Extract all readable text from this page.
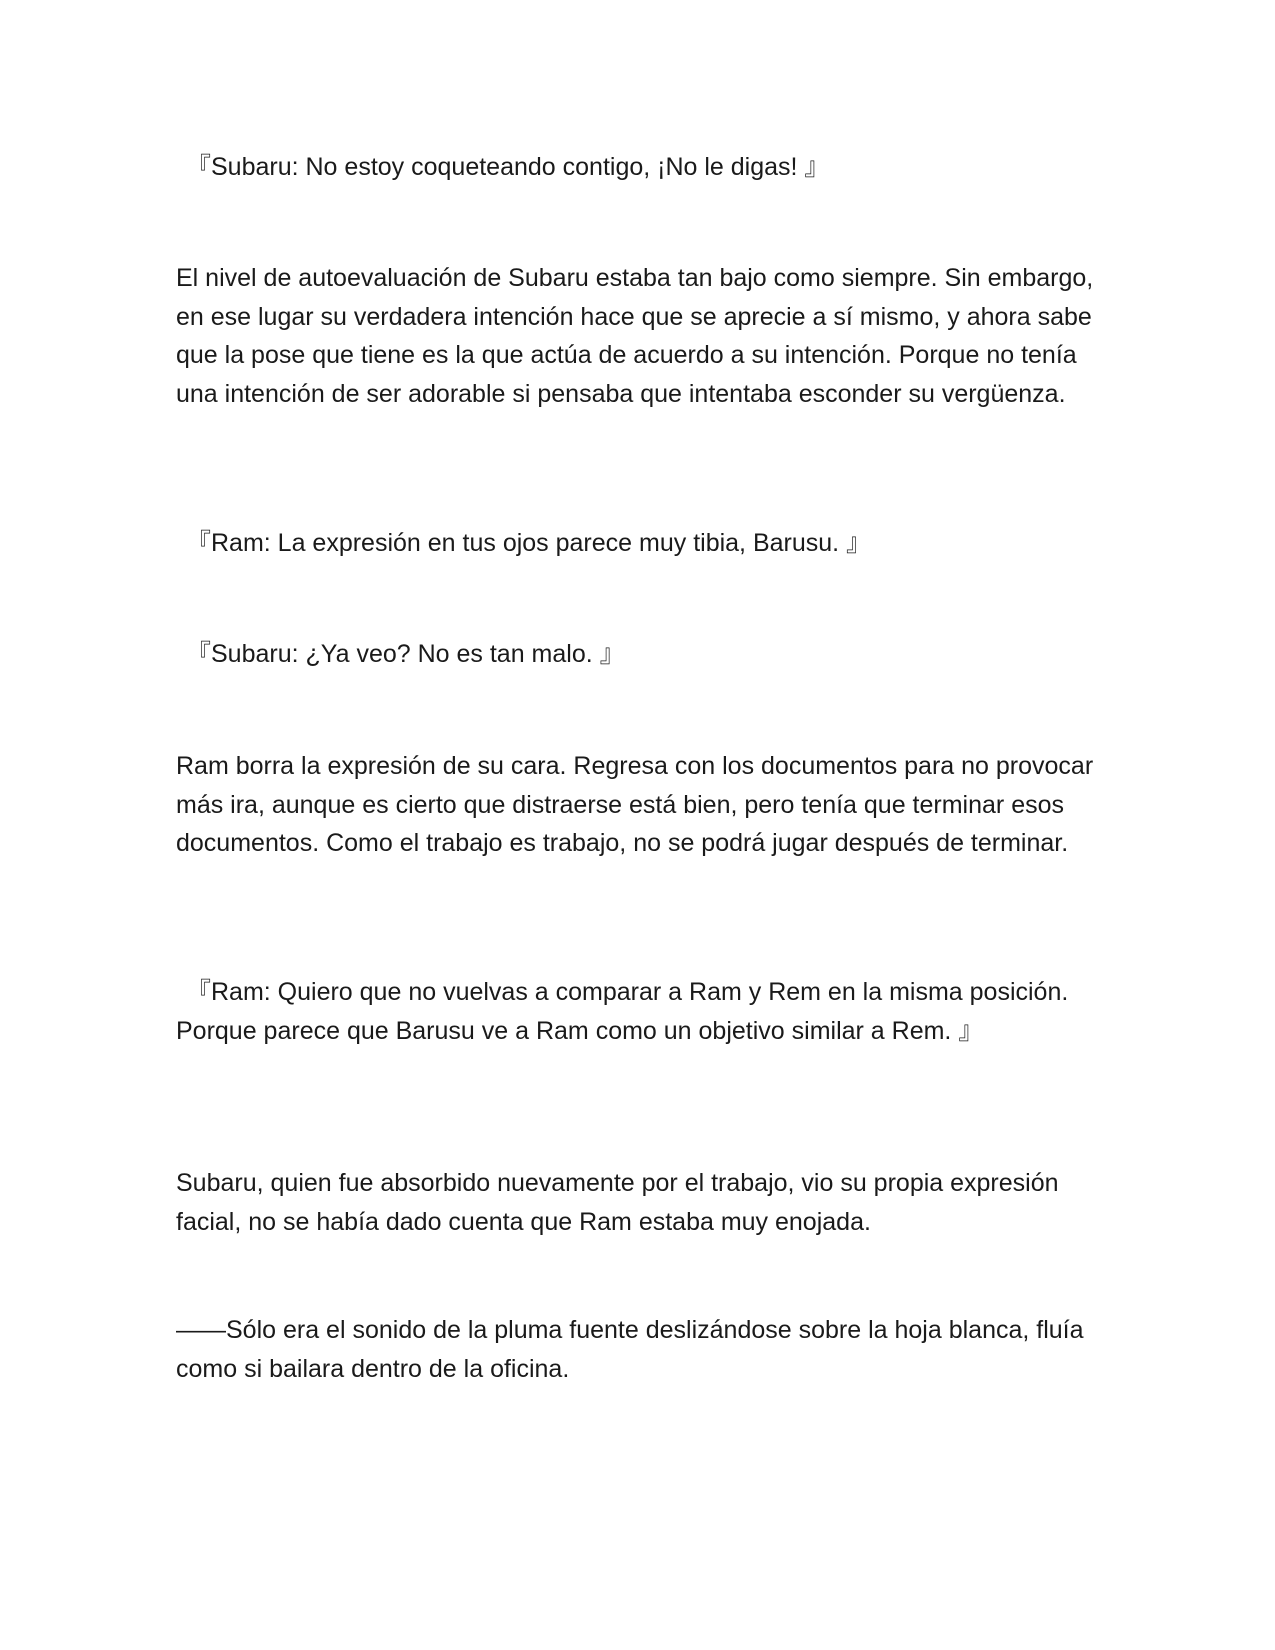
『Subaru: No estoy coqueteando contigo, ¡No le digas! 』

El nivel de autoevaluación de Subaru estaba tan bajo como siempre. Sin embargo, en ese lugar su verdadera intención hace que se aprecie a sí mismo, y ahora sabe que la pose que tiene es la que actúa de acuerdo a su intención. Porque no tenía una intención de ser adorable si pensaba que intentaba esconder su vergüenza.

『Ram: La expresión en tus ojos parece muy tibia, Barusu. 』

『Subaru: ¿Ya veo? No es tan malo. 』

Ram borra la expresión de su cara. Regresa con los documentos para no provocar más ira, aunque es cierto que distraerse está bien, pero tenía que terminar esos documentos. Como el trabajo es trabajo, no se podrá jugar después de terminar.

『Ram: Quiero que no vuelvas a comparar a Ram y Rem en la misma posición. Porque parece que Barusu ve a Ram como un objetivo similar a Rem. 』

Subaru, quien fue absorbido nuevamente por el trabajo, vio su propia expresión facial, no se había dado cuenta que Ram estaba muy enojada.

——Sólo era el sonido de la pluma fuente deslizándose sobre la hoja blanca, fluía como si bailara dentro de la oficina.
